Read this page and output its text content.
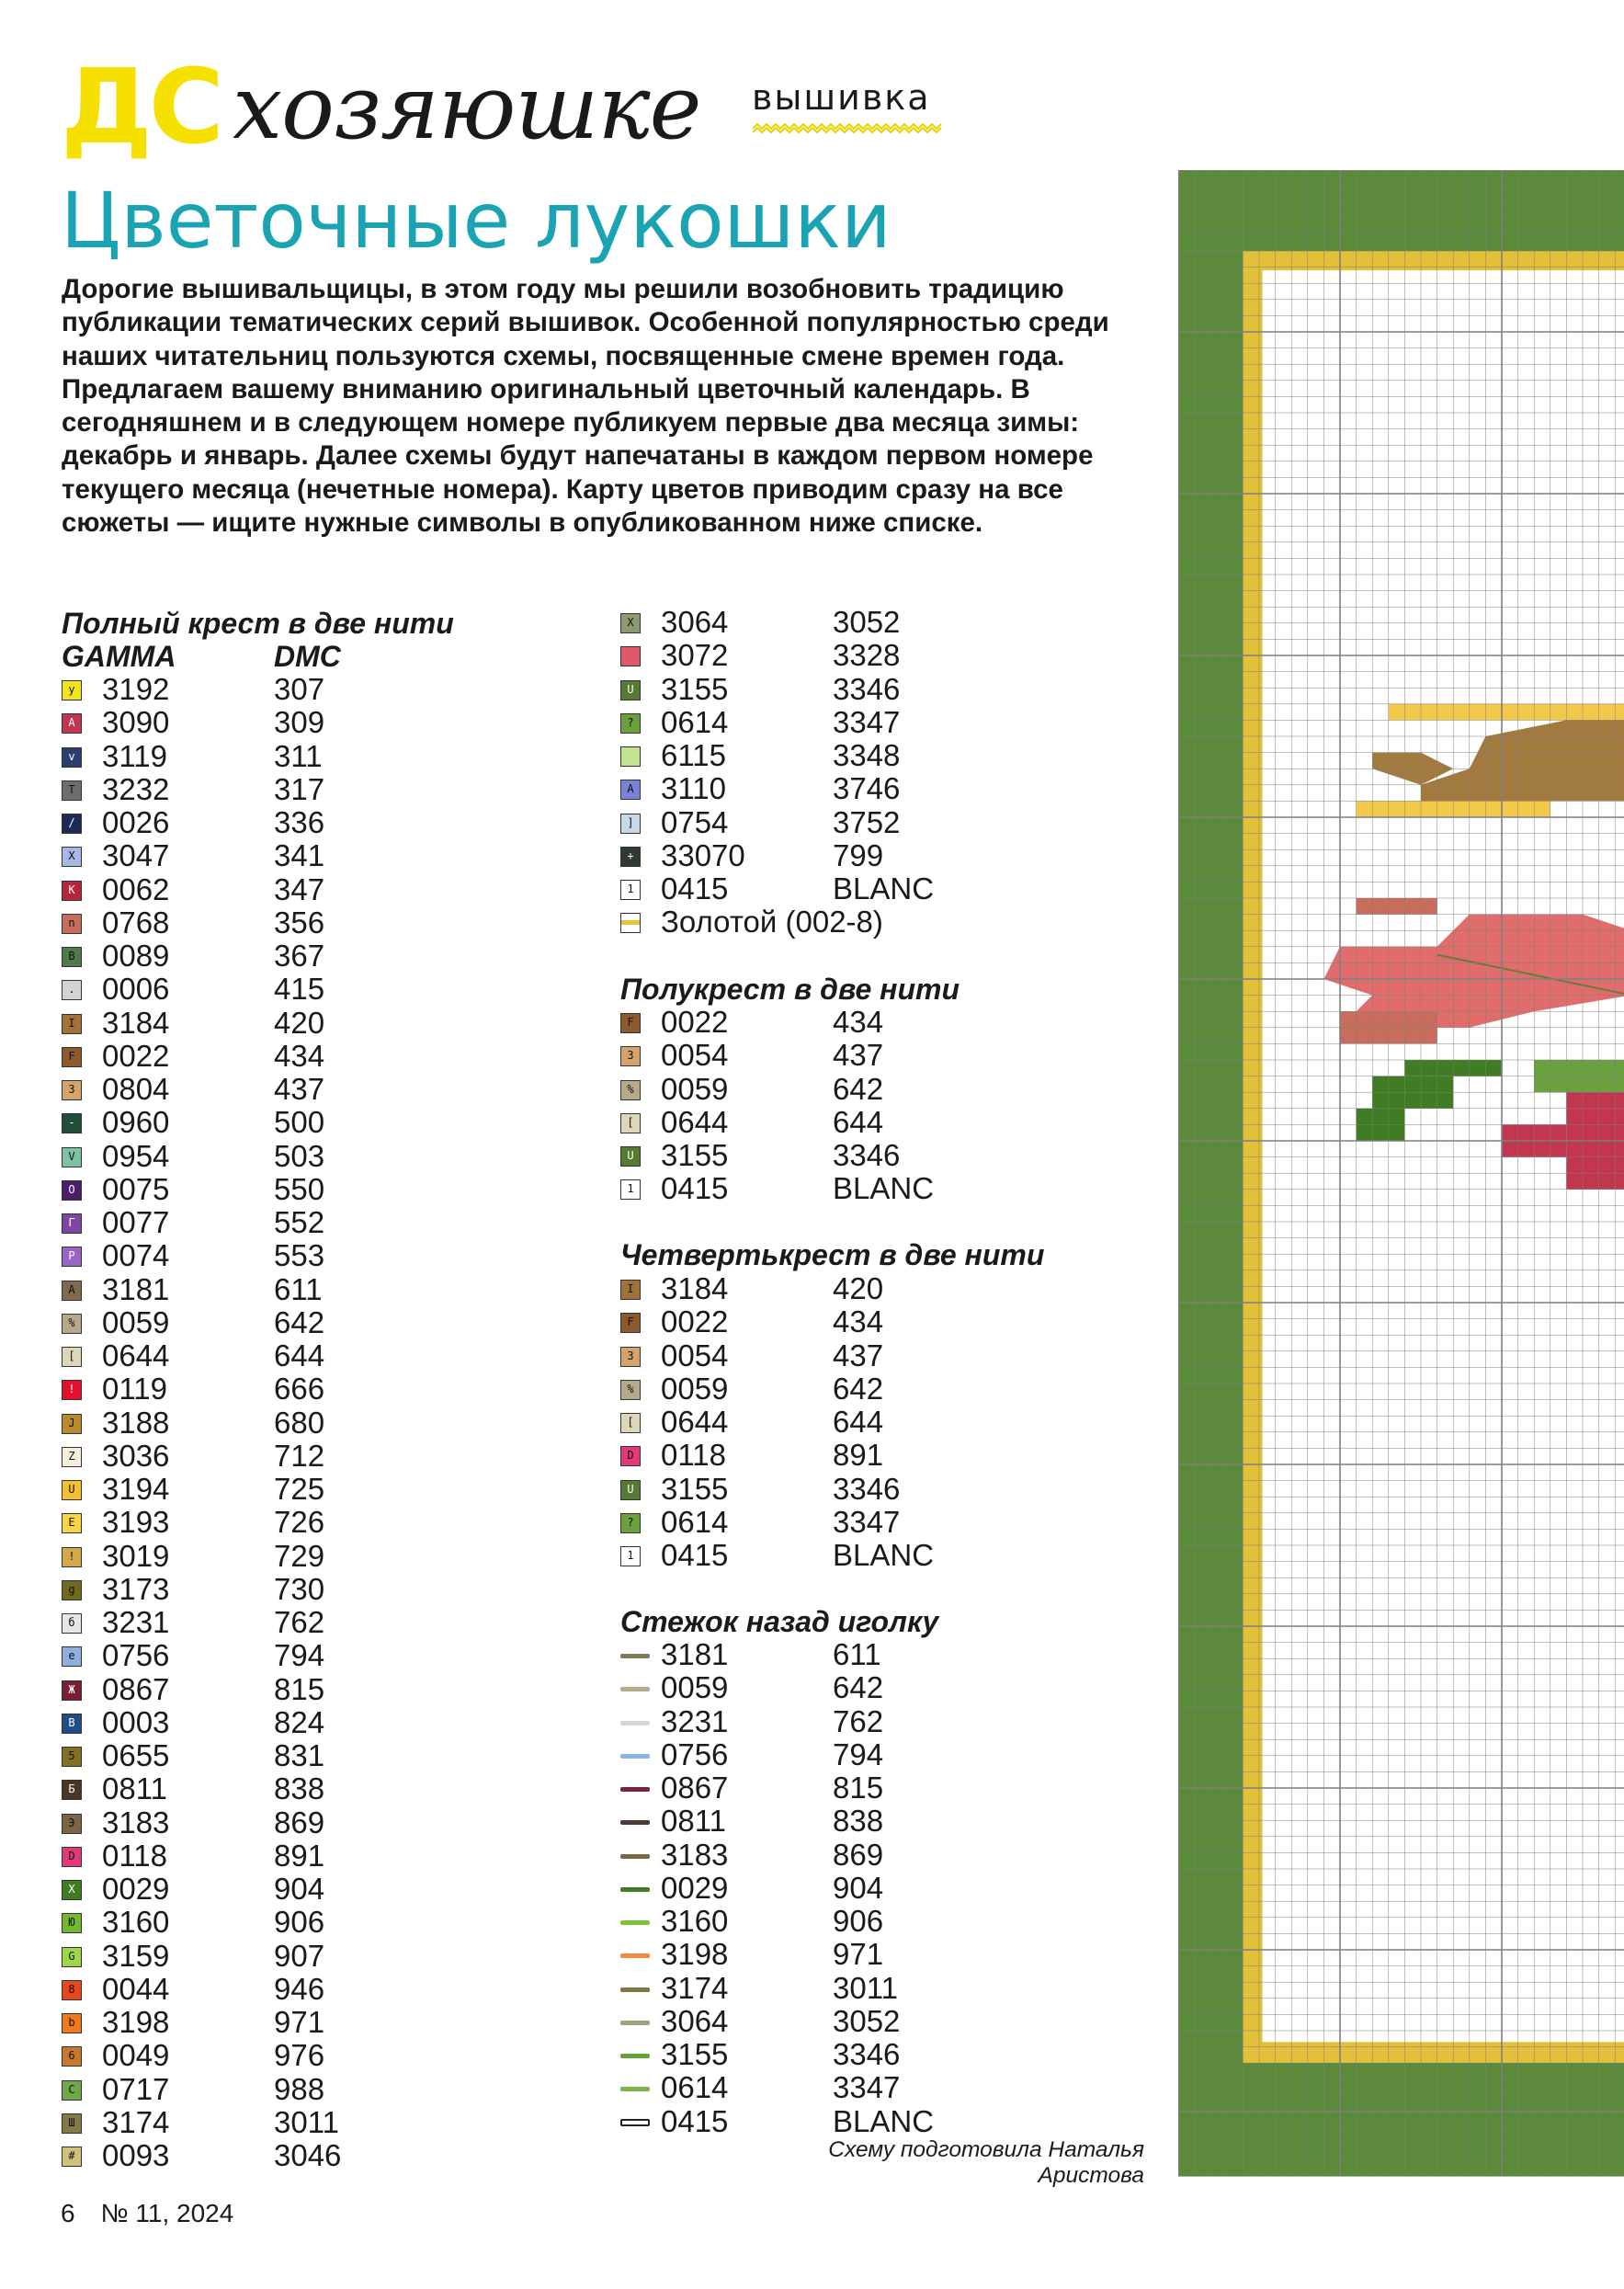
ДС хозяюшке вышивка
Цветочные лукошки

Дорогие вышивальщицы, в этом году мы решили возобновить традицию публикации тематических серий вышивок. Особенной популярностью среди наших читательниц пользуются схемы, посвященные смене времен года. Предлагаем вашему вниманию оригинальный цветочный календарь. В сегодняшнем и в следующем номере публикуем первые два месяца зимы: декабрь и январь. Далее схемы будут напечатаны в каждом первом номере текущего месяца (нечетные номера). Карту цветов приводим сразу на все сюжеты — ищите нужные символы в опубликованном ниже списке.

Полный крест в две нити
GAMMA	DMC
y 3192	307
A 3090	309
v 3119	311
T 3232	317
/ 0026	336
X 3047	341
K 0062	347
n 0768	356
B 0089	367
. 0006	415
I 3184	420
F 0022	434
3 0804	437
- 0960	500
V 0954	503
O 0075	550
Г 0077	552
P 0074	553
A 3181	611
% 0059	642
[ 0644	644
! 0119	666
J 3188	680
Z 3036	712
U 3194	725
E 3193	726
! 3019	729
g 3173	730
б 3231	762
e 0756	794
Ж 0867	815
B 0003	824
5 0655	831
Б 0811	838
Э 3183	869
D 0118	891
X 0029	904
Ю 3160	906
G 3159	907
8 0044	946
b 3198	971
6 0049	976
C 0717	988
Ш 3174	3011
# 0093	3046
X 3064	3052
3072	3328
U 3155	3346
? 0614	3347
6115	3348
A 3110	3746
] 0754	3752
+ 33070	799
1 0415	BLANC
Золотой (002-8)
Полукрест в две нити
F 0022	434
3 0054	437
% 0059	642
[ 0644	644
U 3155	3346
1 0415	BLANC
Четвертькрест в две нити
I 3184	420
F 0022	434
3 0054	437
% 0059	642
[ 0644	644
D 0118	891
U 3155	3346
? 0614	3347
1 0415	BLANC
Стежок назад иголку
3181	611
0059	642
3231	762
0756	794
0867	815
0811	838
3183	869
0029	904
3160	906
3198	971
3174	3011
3064	3052
3155	3346
0614	3347
0415	BLANC
Схему подготовила Наталья Аристова
6 № 11, 2024
